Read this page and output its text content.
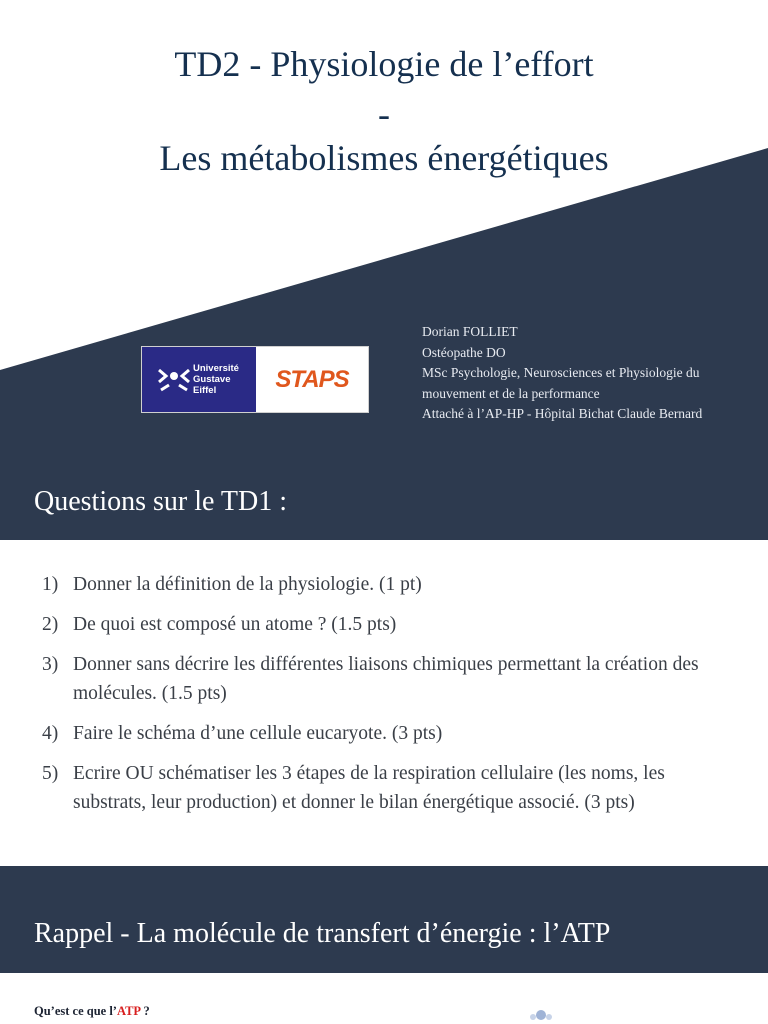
TD2 - Physiologie de l’effort
-
Les métabolismes énergétiques
Université
Gustave
Eiffel	STAPS
Dorian FOLLIET
Ostéopathe DO
MSc Psychologie, Neurosciences et Physiologie du
mouvement et de la performance
Attaché à l’AP-HP - Hôpital Bichat Claude Bernard
Questions sur le TD1 :
1) Donner la définition de la physiologie. (1 pt)
2) De quoi est composé un atome ? (1.5 pts)
3) Donner sans décrire les différentes liaisons chimiques permettant la création des molécules. (1.5 pts)
4) Faire le schéma d’une cellule eucaryote. (3 pts)
5) Ecrire OU schématiser les 3 étapes de la respiration cellulaire (les noms, les substrats, leur production) et donner le bilan énergétique associé. (3 pts)
Rappel - La molécule de transfert d’énergie : l’ATP
Qu’est ce que l’ATP ?
